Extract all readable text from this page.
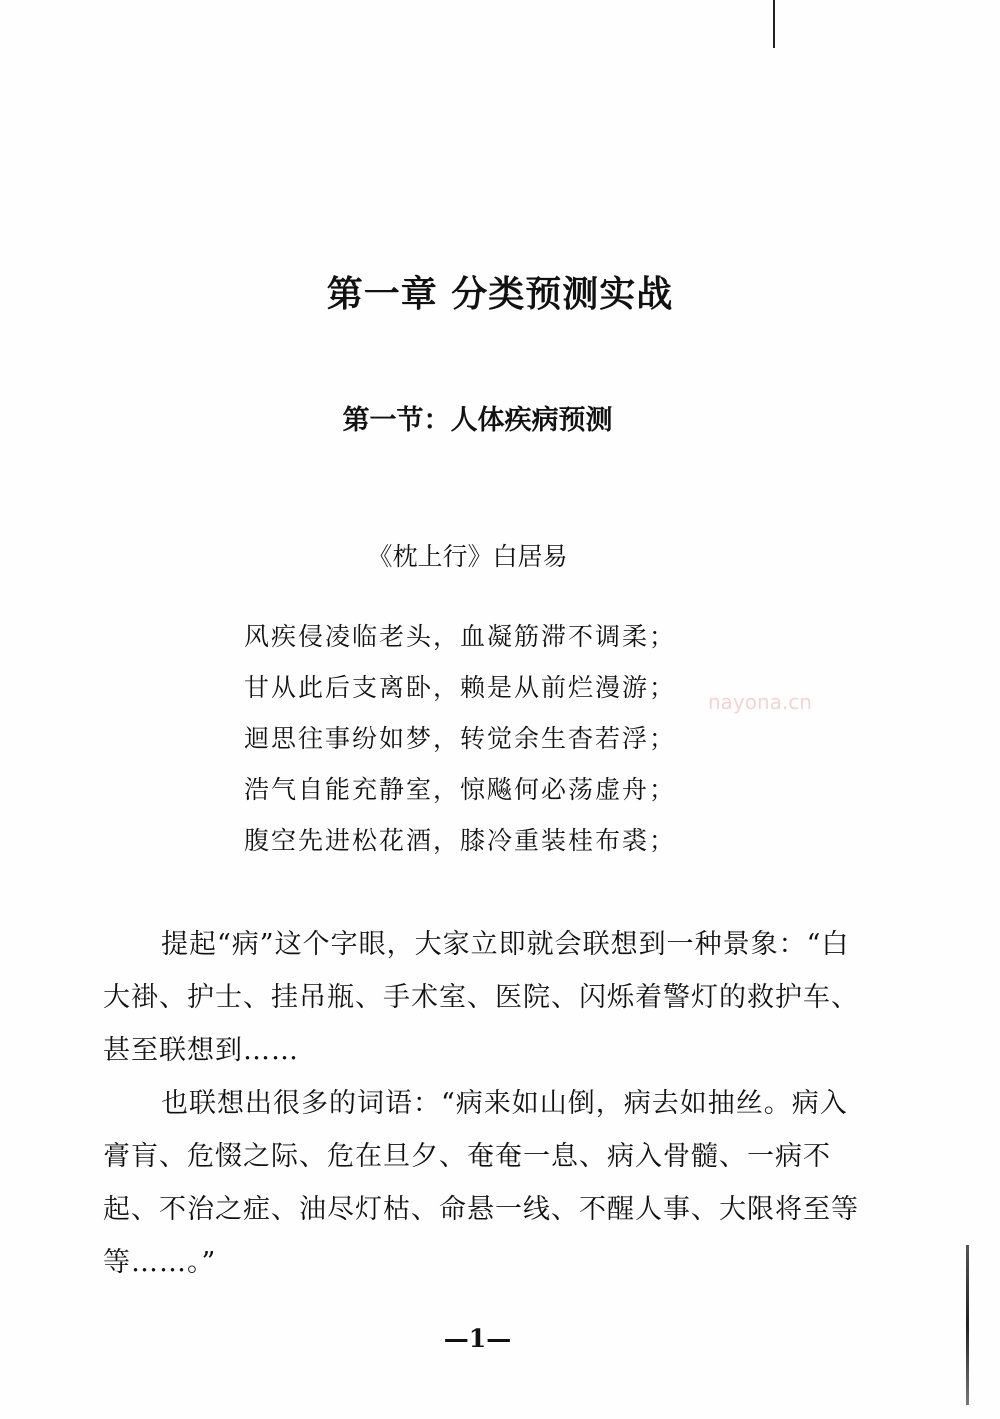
第一章 分类预测实战
第一节：人体疾病预测
《枕上行》白居易
风疾侵凌临老头，血凝筋滞不调柔；
甘从此后支离卧，赖是从前烂漫游；
迴思往事纷如梦，转觉余生杳若浮；
浩气自能充静室，惊飚何必荡虚舟；
腹空先进松花酒，膝冷重装桂布裘；
nayona.cn

提起“病”这个字眼，大家立即就会联想到一种景象：“白大褂、护士、挂吊瓶、手术室、医院、闪烁着警灯的救护车、甚至联想到……

也联想出很多的词语：“病来如山倒，病去如抽丝。病入膏肓、危惙之际、危在旦夕、奄奄一息、病入骨髓、一病不起、不治之症、油尽灯枯、命悬一线、不醒人事、大限将至等等……。”

—1—
